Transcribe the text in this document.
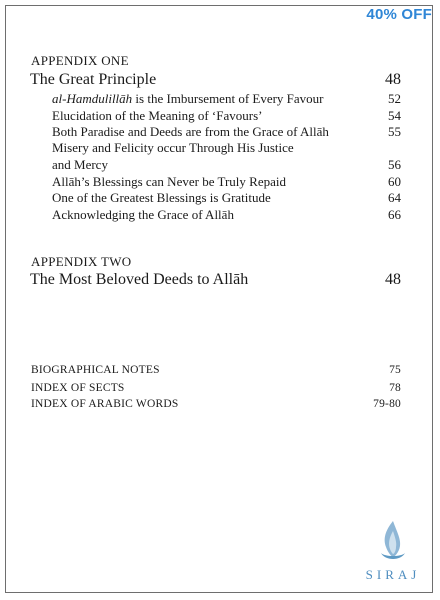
40% OFF
APPENDIX ONE
The Great Principle	48
al-Hamdulillāh is the Imbursement of Every Favour	52
Elucidation of the Meaning of ‘Favours’	54
Both Paradise and Deeds are from the Grace of Allāh	55
Misery and Felicity occur Through His Justice
and Mercy	56
Allāh’s Blessings can Never be Truly Repaid	60
One of the Greatest Blessings is Gratitude	64
Acknowledging the Grace of Allāh	66
APPENDIX TWO
The Most Beloved Deeds to Allāh	48
BIOGRAPHICAL NOTES	75
INDEX OF SECTS	78
INDEX OF ARABIC WORDS	79-80
SIRAJ
